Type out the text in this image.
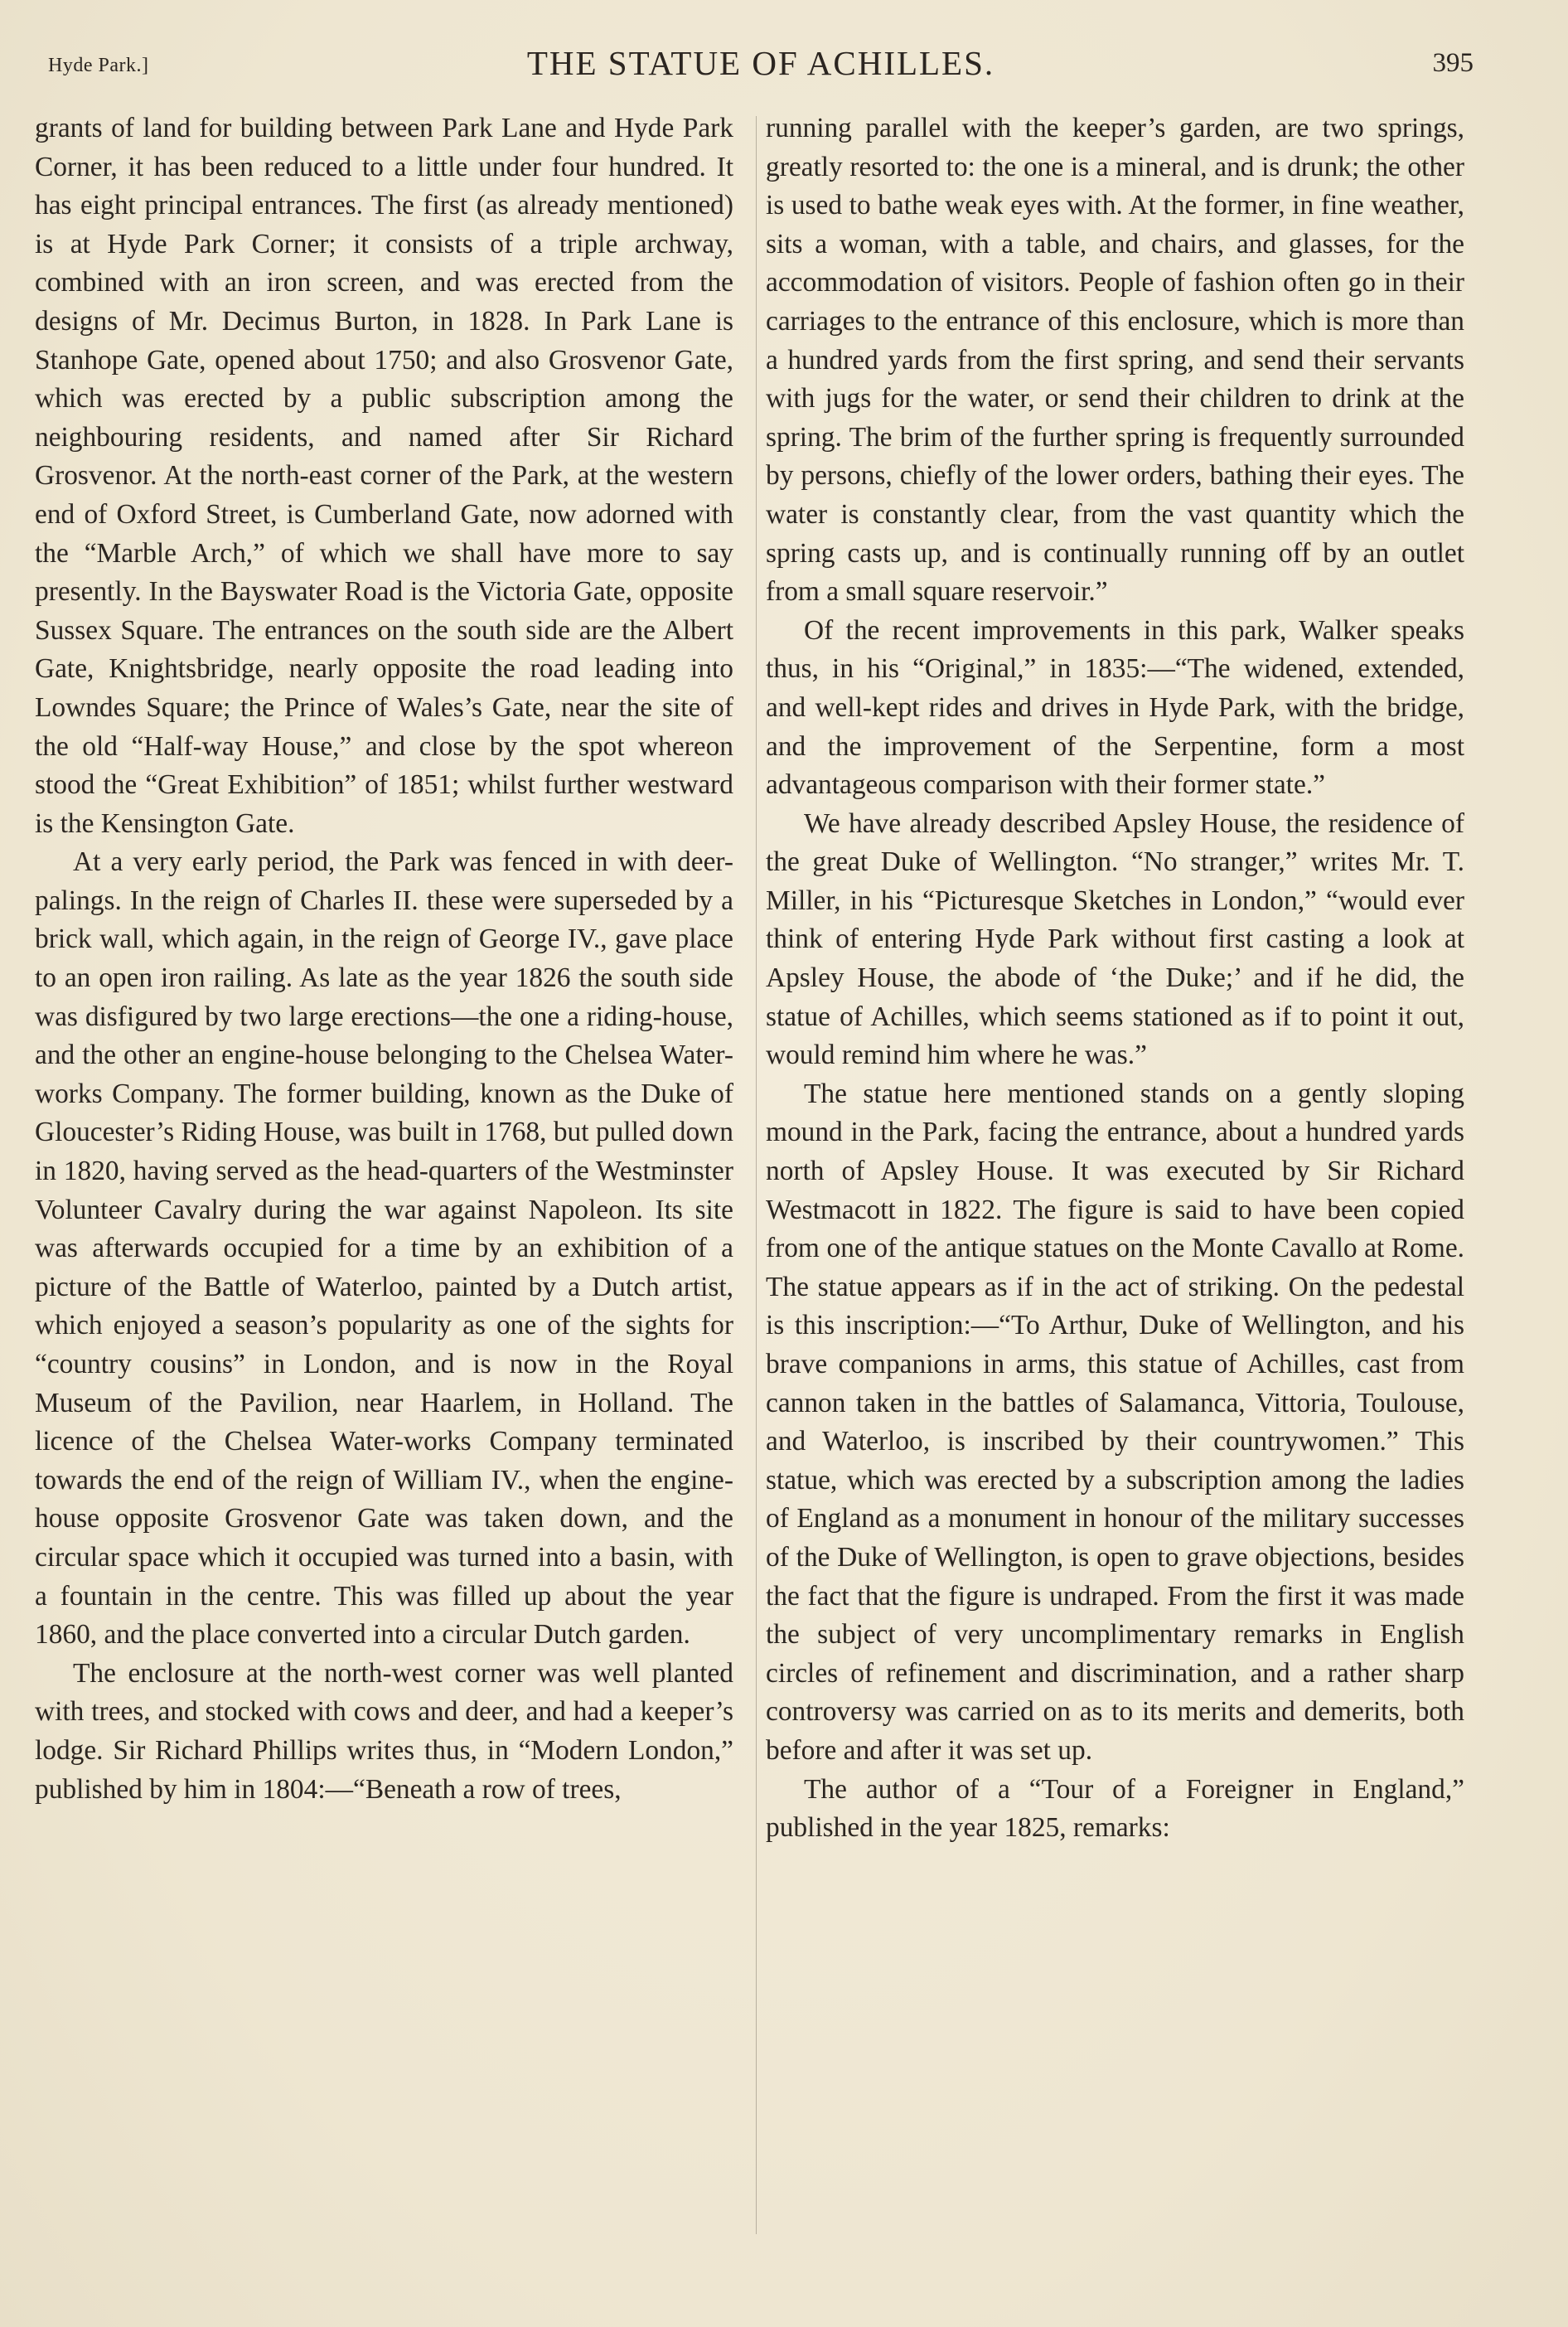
Hyde Park.]	THE STATUE OF ACHILLES.	395

grants of land for building between Park Lane and Hyde Park Corner, it has been reduced to a little under four hundred. It has eight principal entrances. The first (as already mentioned) is at Hyde Park Corner; it consists of a triple archway, combined with an iron screen, and was erected from the designs of Mr. Decimus Burton, in 1828. In Park Lane is Stanhope Gate, opened about 1750; and also Grosvenor Gate, which was erected by a public subscription among the neighbouring residents, and named after Sir Richard Grosvenor. At the north-east corner of the Park, at the western end of Oxford Street, is Cumberland Gate, now adorned with the “Marble Arch,” of which we shall have more to say presently. In the Bayswater Road is the Victoria Gate, opposite Sussex Square. The entrances on the south side are the Albert Gate, Knightsbridge, nearly opposite the road leading into Lowndes Square; the Prince of Wales’s Gate, near the site of the old “Half-way House,” and close by the spot whereon stood the “Great Exhibition” of 1851; whilst further westward is the Kensington Gate.

At a very early period, the Park was fenced in with deer-palings. In the reign of Charles II. these were superseded by a brick wall, which again, in the reign of George IV., gave place to an open iron railing. As late as the year 1826 the south side was disfigured by two large erections—the one a riding-house, and the other an engine-house belonging to the Chelsea Water-works Company. The former building, known as the Duke of Gloucester’s Riding House, was built in 1768, but pulled down in 1820, having served as the head-quarters of the Westminster Volunteer Cavalry during the war against Napoleon. Its site was afterwards occupied for a time by an exhibition of a picture of the Battle of Waterloo, painted by a Dutch artist, which enjoyed a season’s popularity as one of the sights for “country cousins” in London, and is now in the Royal Museum of the Pavilion, near Haarlem, in Holland. The licence of the Chelsea Water-works Company terminated towards the end of the reign of William IV., when the engine-house opposite Grosvenor Gate was taken down, and the circular space which it occupied was turned into a basin, with a fountain in the centre. This was filled up about the year 1860, and the place converted into a circular Dutch garden.

The enclosure at the north-west corner was well planted with trees, and stocked with cows and deer, and had a keeper’s lodge. Sir Richard Phillips writes thus, in “Modern London,” published by him in 1804:—“Beneath a row of trees,

running parallel with the keeper’s garden, are two springs, greatly resorted to: the one is a mineral, and is drunk; the other is used to bathe weak eyes with. At the former, in fine weather, sits a woman, with a table, and chairs, and glasses, for the accommodation of visitors. People of fashion often go in their carriages to the entrance of this enclosure, which is more than a hundred yards from the first spring, and send their servants with jugs for the water, or send their children to drink at the spring. The brim of the further spring is frequently surrounded by persons, chiefly of the lower orders, bathing their eyes. The water is constantly clear, from the vast quantity which the spring casts up, and is continually running off by an outlet from a small square reservoir.”

Of the recent improvements in this park, Walker speaks thus, in his “Original,” in 1835:—“The widened, extended, and well-kept rides and drives in Hyde Park, with the bridge, and the improvement of the Serpentine, form a most advantageous comparison with their former state.”

We have already described Apsley House, the residence of the great Duke of Wellington. “No stranger,” writes Mr. T. Miller, in his “Picturesque Sketches in London,” “would ever think of entering Hyde Park without first casting a look at Apsley House, the abode of ‘the Duke;’ and if he did, the statue of Achilles, which seems stationed as if to point it out, would remind him where he was.”

The statue here mentioned stands on a gently sloping mound in the Park, facing the entrance, about a hundred yards north of Apsley House. It was executed by Sir Richard Westmacott in 1822. The figure is said to have been copied from one of the antique statues on the Monte Cavallo at Rome. The statue appears as if in the act of striking. On the pedestal is this inscription:—“To Arthur, Duke of Wellington, and his brave companions in arms, this statue of Achilles, cast from cannon taken in the battles of Salamanca, Vittoria, Toulouse, and Waterloo, is inscribed by their countrywomen.” This statue, which was erected by a subscription among the ladies of England as a monument in honour of the military successes of the Duke of Wellington, is open to grave objections, besides the fact that the figure is undraped. From the first it was made the subject of very uncomplimentary remarks in English circles of refinement and discrimination, and a rather sharp controversy was carried on as to its merits and demerits, both before and after it was set up.

The author of a “Tour of a Foreigner in England,” published in the year 1825, remarks:
